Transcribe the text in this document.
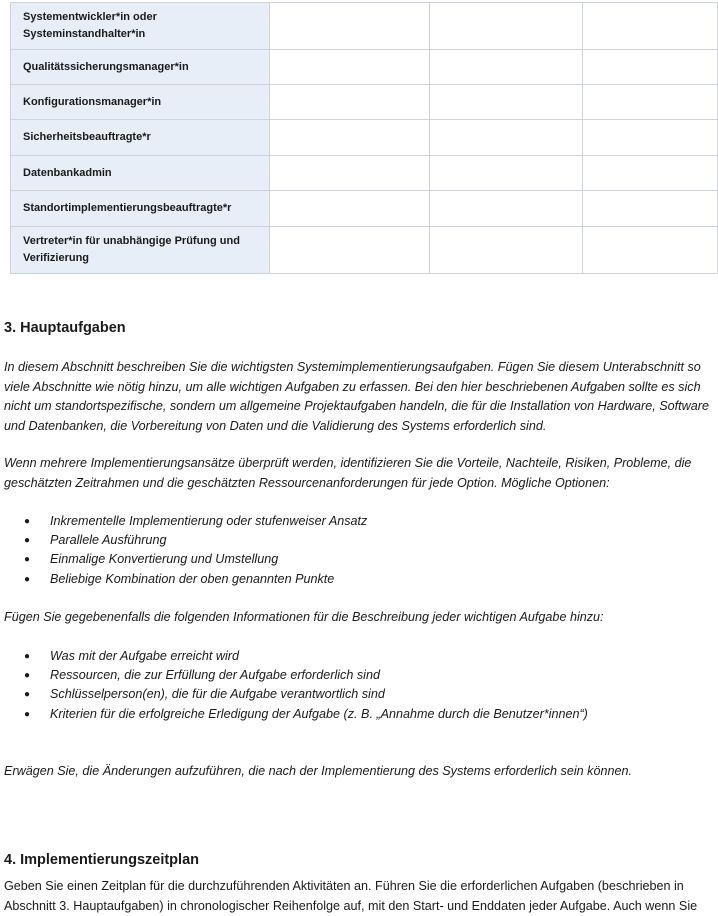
Systementwickler*in oder Systeminstandhalter*in			
Qualitätssicherungsmanager*in			
Konfigurationsmanager*in			
Sicherheitsbeauftragte*r			
Datenbankadmin			
Standortimplementierungsbeauftragte*r			
Vertreter*in für unabhängige Prüfung und Verifizierung			
3. Hauptaufgaben

In diesem Abschnitt beschreiben Sie die wichtigsten Systemimplementierungsaufgaben. Fügen Sie diesem Unterabschnitt so viele Abschnitte wie nötig hinzu, um alle wichtigen Aufgaben zu erfassen. Bei den hier beschriebenen Aufgaben sollte es sich nicht um standortspezifische, sondern um allgemeine Projektaufgaben handeln, die für die Installation von Hardware, Software und Datenbanken, die Vorbereitung von Daten und die Validierung des Systems erforderlich sind.

Wenn mehrere Implementierungsansätze überprüft werden, identifizieren Sie die Vorteile, Nachteile, Risiken, Probleme, die geschätzten Zeitrahmen und die geschätzten Ressourcenanforderungen für jede Option. Mögliche Optionen:

● Inkrementelle Implementierung oder stufenweiser Ansatz
● Parallele Ausführung
● Einmalige Konvertierung und Umstellung
● Beliebige Kombination der oben genannten Punkte

Fügen Sie gegebenenfalls die folgenden Informationen für die Beschreibung jeder wichtigen Aufgabe hinzu:

● Was mit der Aufgabe erreicht wird
● Ressourcen, die zur Erfüllung der Aufgabe erforderlich sind
● Schlüsselperson(en), die für die Aufgabe verantwortlich sind
● Kriterien für die erfolgreiche Erledigung der Aufgabe (z. B. „Annahme durch die Benutzer*innen“)

Erwägen Sie, die Änderungen aufzuführen, die nach der Implementierung des Systems erforderlich sein können.

4. Implementierungszeitplan

Geben Sie einen Zeitplan für die durchzuführenden Aktivitäten an. Führen Sie die erforderlichen Aufgaben (beschrieben in Abschnitt 3. Hauptaufgaben) in chronologischer Reihenfolge auf, mit den Start- und Enddaten jeder Aufgabe. Auch wenn Sie
